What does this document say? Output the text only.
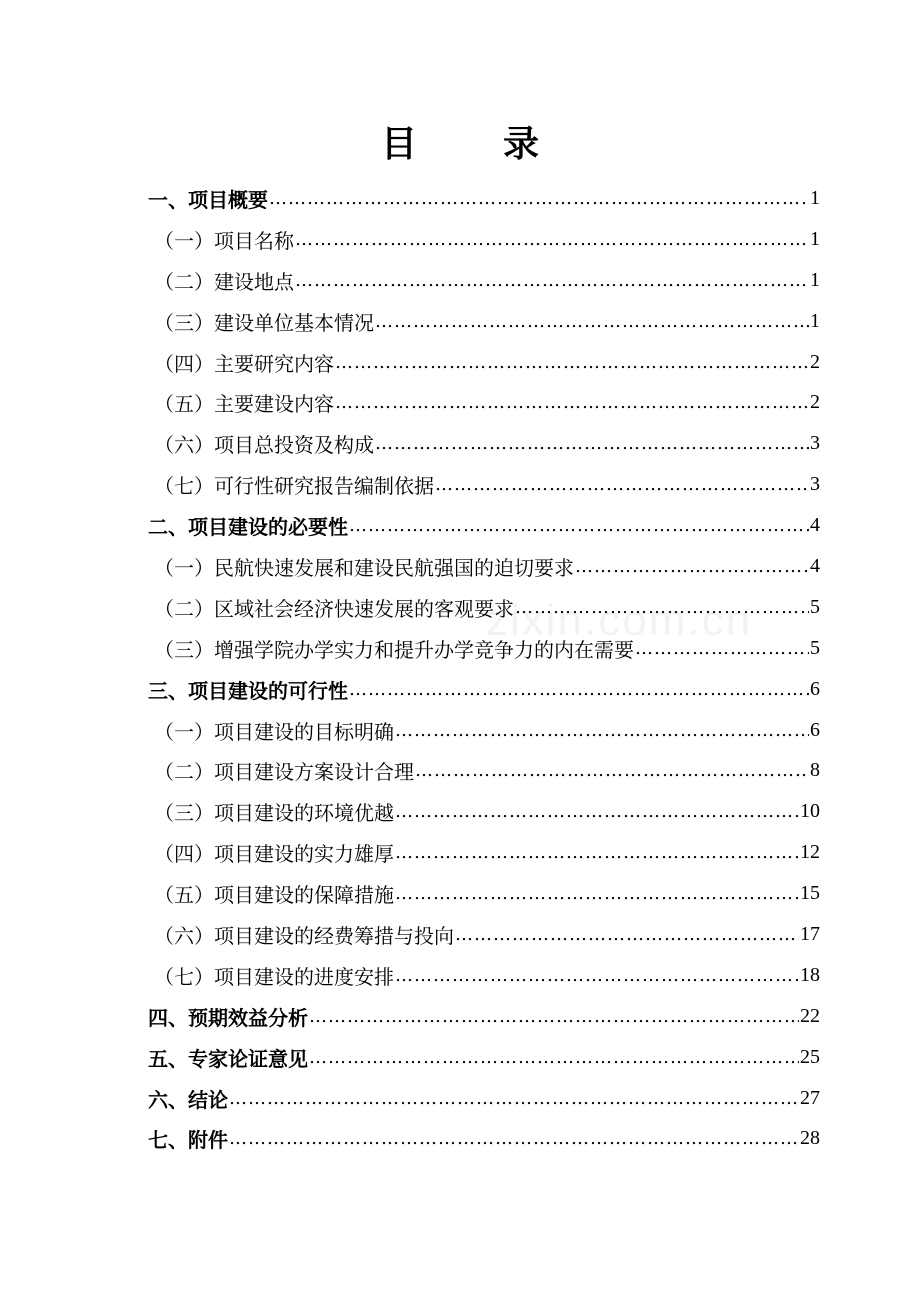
目 录
zixin.com.cn
一、项目概要 ……………………………………………………………………………………………………………………………………………………………………	1
（一）项目名称 ……………………………………………………………………………………………………………………………………………………………………	1
（二）建设地点 ……………………………………………………………………………………………………………………………………………………………………	1
（三）建设单位基本情况 ……………………………………………………………………………………………………………………………………………………………………	1
（四）主要研究内容 ……………………………………………………………………………………………………………………………………………………………………	2
（五）主要建设内容 ……………………………………………………………………………………………………………………………………………………………………	2
（六）项目总投资及构成 ……………………………………………………………………………………………………………………………………………………………………	3
（七）可行性研究报告编制依据 ……………………………………………………………………………………………………………………………………………………………………	3
二、项目建设的必要性 ……………………………………………………………………………………………………………………………………………………………………	4
（一）民航快速发展和建设民航强国的迫切要求 ……………………………………………………………………………………………………………………………………………………………………	4
（二）区域社会经济快速发展的客观要求 ……………………………………………………………………………………………………………………………………………………………………	5
（三）增强学院办学实力和提升办学竞争力的内在需要 ……………………………………………………………………………………………………………………………………………………………………	5
三、项目建设的可行性 ……………………………………………………………………………………………………………………………………………………………………	6
（一）项目建设的目标明确 ……………………………………………………………………………………………………………………………………………………………………	6
（二）项目建设方案设计合理 ……………………………………………………………………………………………………………………………………………………………………	8
（三）项目建设的环境优越 ……………………………………………………………………………………………………………………………………………………………………	10
（四）项目建设的实力雄厚 ……………………………………………………………………………………………………………………………………………………………………	12
（五）项目建设的保障措施 ……………………………………………………………………………………………………………………………………………………………………	15
（六）项目建设的经费筹措与投向 ……………………………………………………………………………………………………………………………………………………………………	17
（七）项目建设的进度安排 ……………………………………………………………………………………………………………………………………………………………………	18
四、预期效益分析 ……………………………………………………………………………………………………………………………………………………………………	22
五、专家论证意见 ……………………………………………………………………………………………………………………………………………………………………	25
六、结论 ……………………………………………………………………………………………………………………………………………………………………	27
七、附件 ……………………………………………………………………………………………………………………………………………………………………	28
